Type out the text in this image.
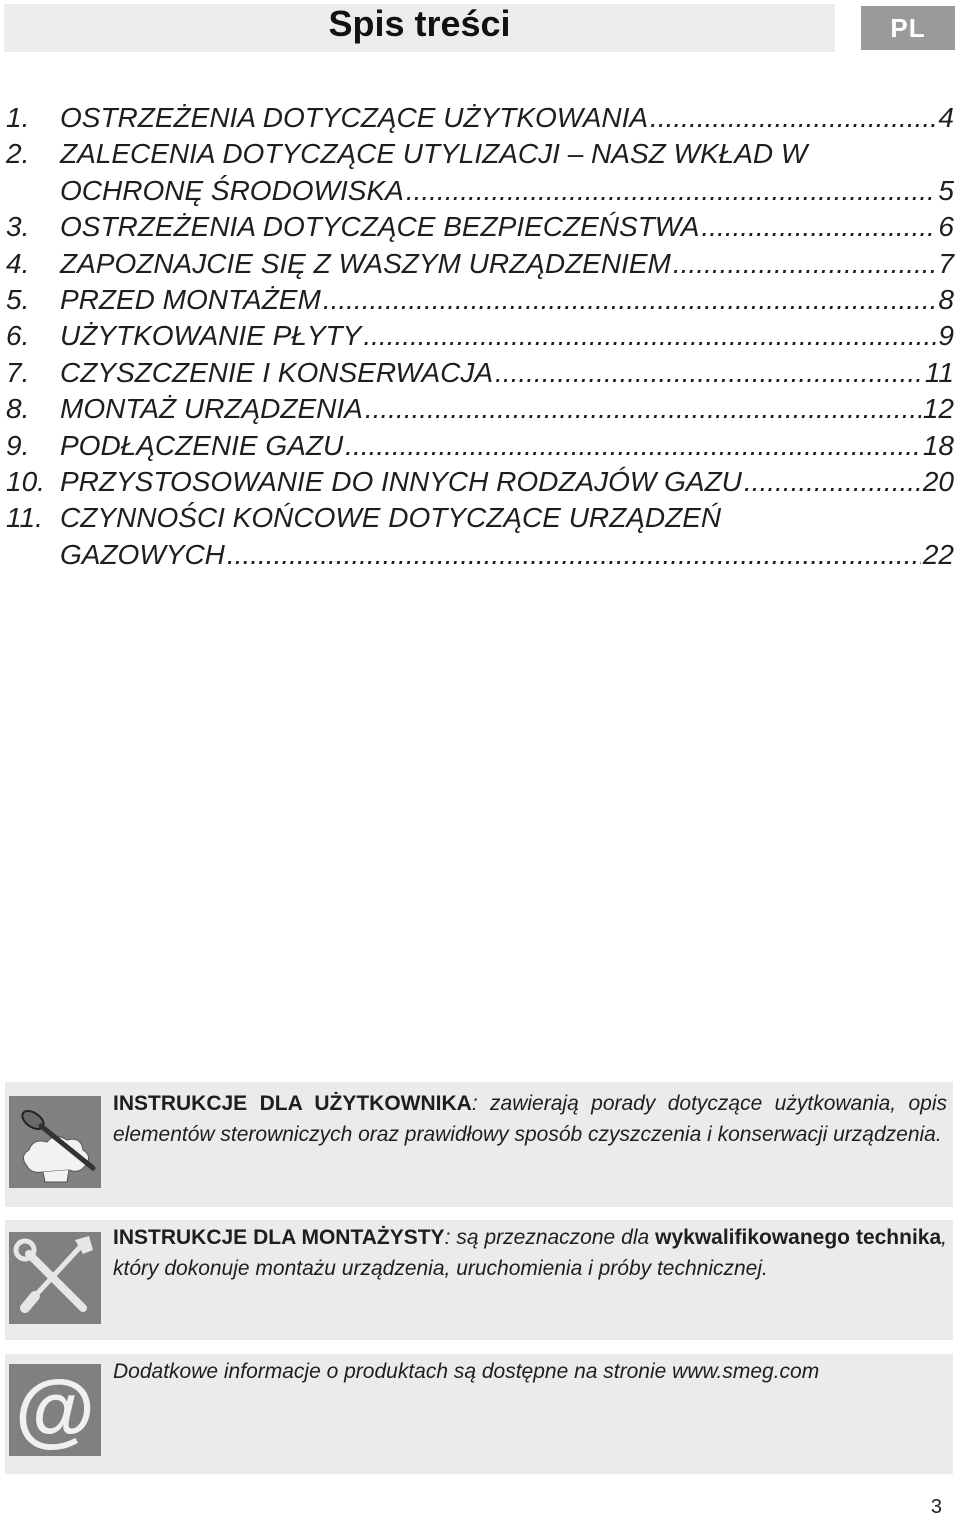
Spis treści	PL
1.	OSTRZEŻENIA DOTYCZĄCE UŻYTKOWANIA .....	4
2.	ZALECENIA DOTYCZĄCE UTYLIZACJI – NASZ WKŁAD W
OCHRONĘ ŚRODOWISKA .....	5
3.	OSTRZEŻENIA DOTYCZĄCE BEZPIECZEŃSTWA .....	6
4.	ZAPOZNAJCIE SIĘ Z WASZYM URZĄDZENIEM .....	7
5.	PRZED MONTAŻEM .....	8
6.	UŻYTKOWANIE PŁYTY .....	9
7.	CZYSZCZENIE I KONSERWACJA .....	11
8.	MONTAŻ URZĄDZENIA .....	12
9.	PODŁĄCZENIE GAZU .....	18
10. PRZYSTOSOWANIE DO INNYCH RODZAJÓW GAZU .....	20
11. CZYNNOŚCI KOŃCOWE DOTYCZĄCE URZĄDZEŃ
GAZOWYCH .....	22
INSTRUKCJE DLA UŻYTKOWNIKA: zawierają porady dotyczące użytkowania, opis elementów sterowniczych oraz prawidłowy sposób czyszczenia i konserwacji urządzenia.
INSTRUKCJE DLA MONTAŻYSTY: są przeznaczone dla wykwalifikowanego technika, który dokonuje montażu urządzenia, uruchomienia i próby technicznej.
@ Dodatkowe informacje o produktach są dostępne na stronie www.smeg.com
3
